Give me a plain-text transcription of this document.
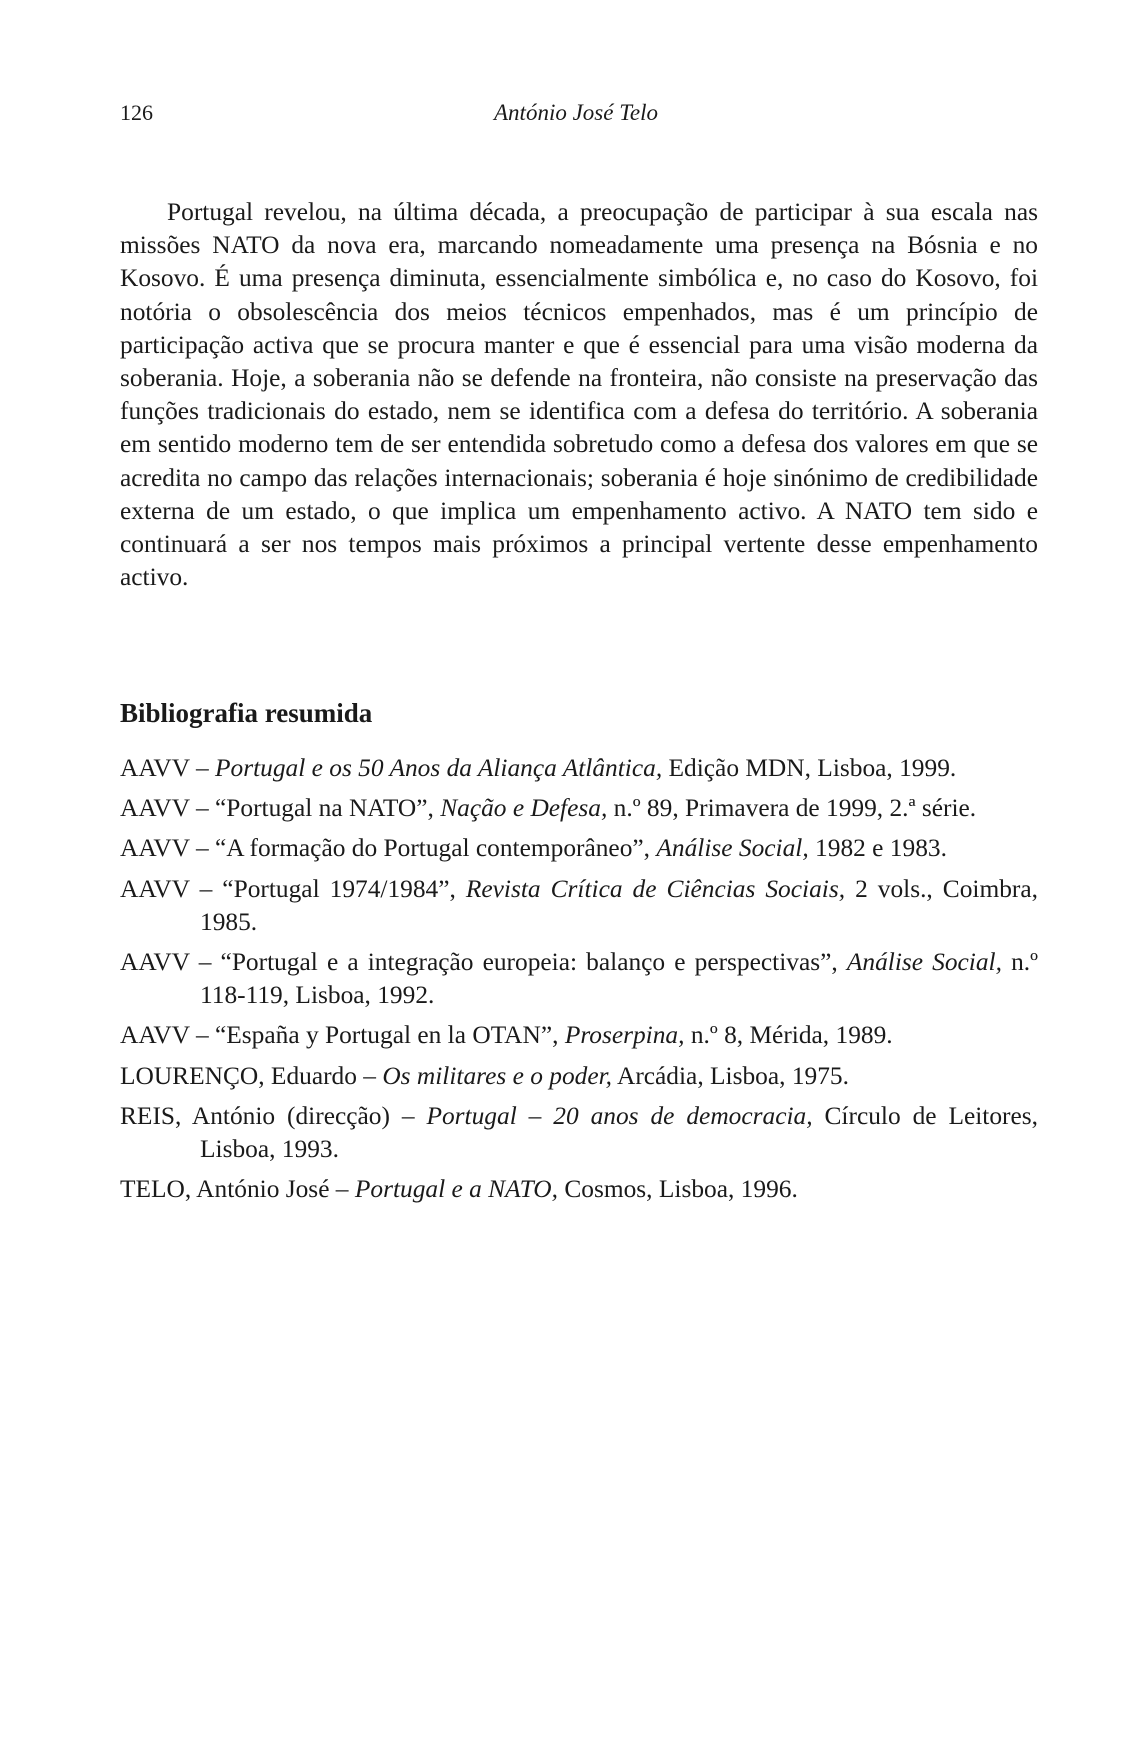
126	António José Telo

Portugal revelou, na última década, a preocupação de participar à sua escala nas missões NATO da nova era, marcando nomeadamente uma presença na Bósnia e no Kosovo. É uma presença diminuta, essencialmente simbólica e, no caso do Kosovo, foi notória o obsolescência dos meios técnicos empenhados, mas é um princípio de participação activa que se procura manter e que é essencial para uma visão moderna da soberania. Hoje, a soberania não se defende na fronteira, não consiste na preservação das funções tradicionais do estado, nem se identifica com a defesa do território. A soberania em sentido moderno tem de ser entendida sobretudo como a defesa dos valores em que se acredita no campo das relações internacionais; soberania é hoje sinónimo de credibilidade externa de um estado, o que implica um empenhamento activo. A NATO tem sido e continuará a ser nos tempos mais próximos a principal vertente desse empenhamento activo.

Bibliografia resumida
AAVV – Portugal e os 50 Anos da Aliança Atlântica, Edição MDN, Lisboa, 1999.
AAVV – “Portugal na NATO”, Nação e Defesa, n.º 89, Primavera de 1999, 2.ª série.
AAVV – “A formação do Portugal contemporâneo”, Análise Social, 1982 e 1983.
AAVV – “Portugal 1974/1984”, Revista Crítica de Ciências Sociais, 2 vols., Coimbra, 1985.
AAVV – “Portugal e a integração europeia: balanço e perspectivas”, Análise Social, n.º 118-119, Lisboa, 1992.
AAVV – “España y Portugal en la OTAN”, Proserpina, n.º 8, Mérida, 1989.
LOURENÇO, Eduardo – Os militares e o poder, Arcádia, Lisboa, 1975.
REIS, António (direcção) – Portugal – 20 anos de democracia, Círculo de Leitores, Lisboa, 1993.
TELO, António José – Portugal e a NATO, Cosmos, Lisboa, 1996.
